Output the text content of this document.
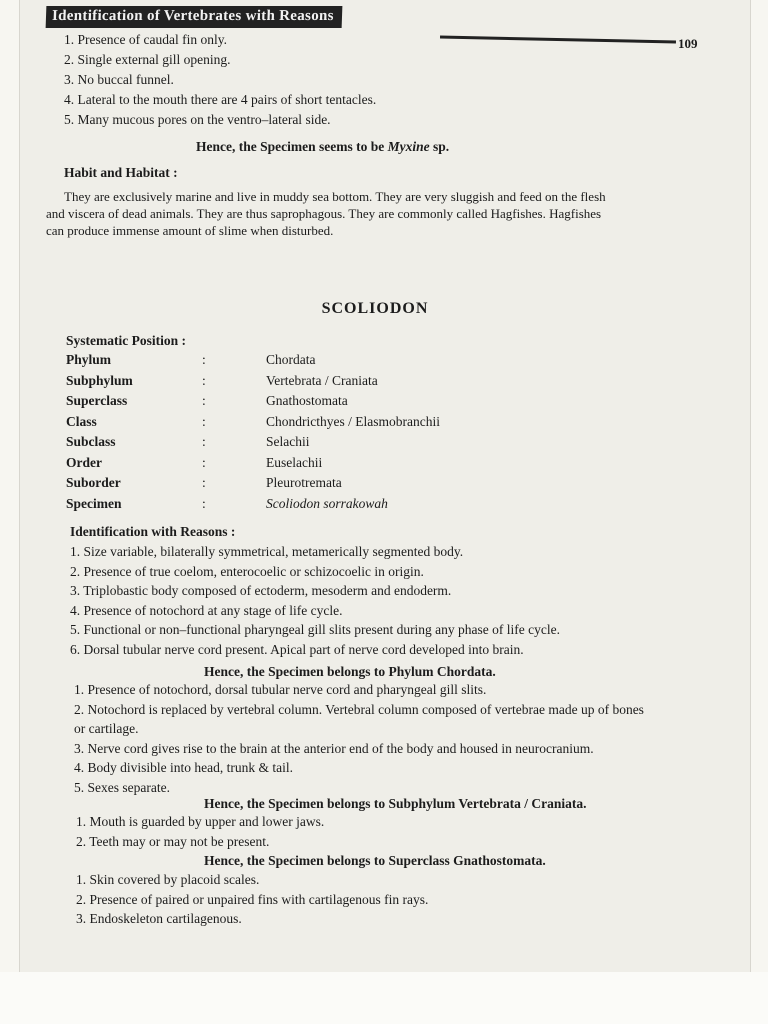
Identification of Vertebrates with Reasons
109
1. Presence of caudal fin only.
2. Single external gill opening.
3. No buccal funnel.
4. Lateral to the mouth there are 4 pairs of short tentacles.
5. Many mucous pores on the ventro–lateral side.
Hence, the Specimen seems to be Myxine sp.
Habit and Habitat :
They are exclusively marine and live in muddy sea bottom. They are very sluggish and feed on the flesh
and viscera of dead animals. They are thus saprophagous. They are commonly called Hagfishes. Hagfishes
can produce immense amount of slime when disturbed.
SCOLIODON
Systematic Position :
Phylum	:	Chordata
Subphylum	:	Vertebrata / Craniata
Superclass	:	Gnathostomata
Class	:	Chondricthyes / Elasmobranchii
Subclass	:	Selachii
Order	:	Euselachii
Suborder	:	Pleurotremata
Specimen	:	Scoliodon sorrakowah
Identification with Reasons :
1. Size variable, bilaterally symmetrical, metamerically segmented body.
2. Presence of true coelom, enterocoelic or schizocoelic in origin.
3. Triplobastic body composed of ectoderm, mesoderm and endoderm.
4. Presence of notochord at any stage of life cycle.
5. Functional or non–functional pharyngeal gill slits present during any phase of life cycle.
6. Dorsal tubular nerve cord present. Apical part of nerve cord developed into brain.
Hence, the Specimen belongs to Phylum Chordata.
1. Presence of notochord, dorsal tubular nerve cord and pharyngeal gill slits.
2. Notochord is replaced by vertebral column. Vertebral column composed of vertebrae made up of bones
or cartilage.
3. Nerve cord gives rise to the brain at the anterior end of the body and housed in neurocranium.
4. Body divisible into head, trunk & tail.
5. Sexes separate.
Hence, the Specimen belongs to Subphylum Vertebrata / Craniata.
1. Mouth is guarded by upper and lower jaws.
2. Teeth may or may not be present.
Hence, the Specimen belongs to Superclass Gnathostomata.
1. Skin covered by placoid scales.
2. Presence of paired or unpaired fins with cartilagenous fin rays.
3. Endoskeleton cartilagenous.
